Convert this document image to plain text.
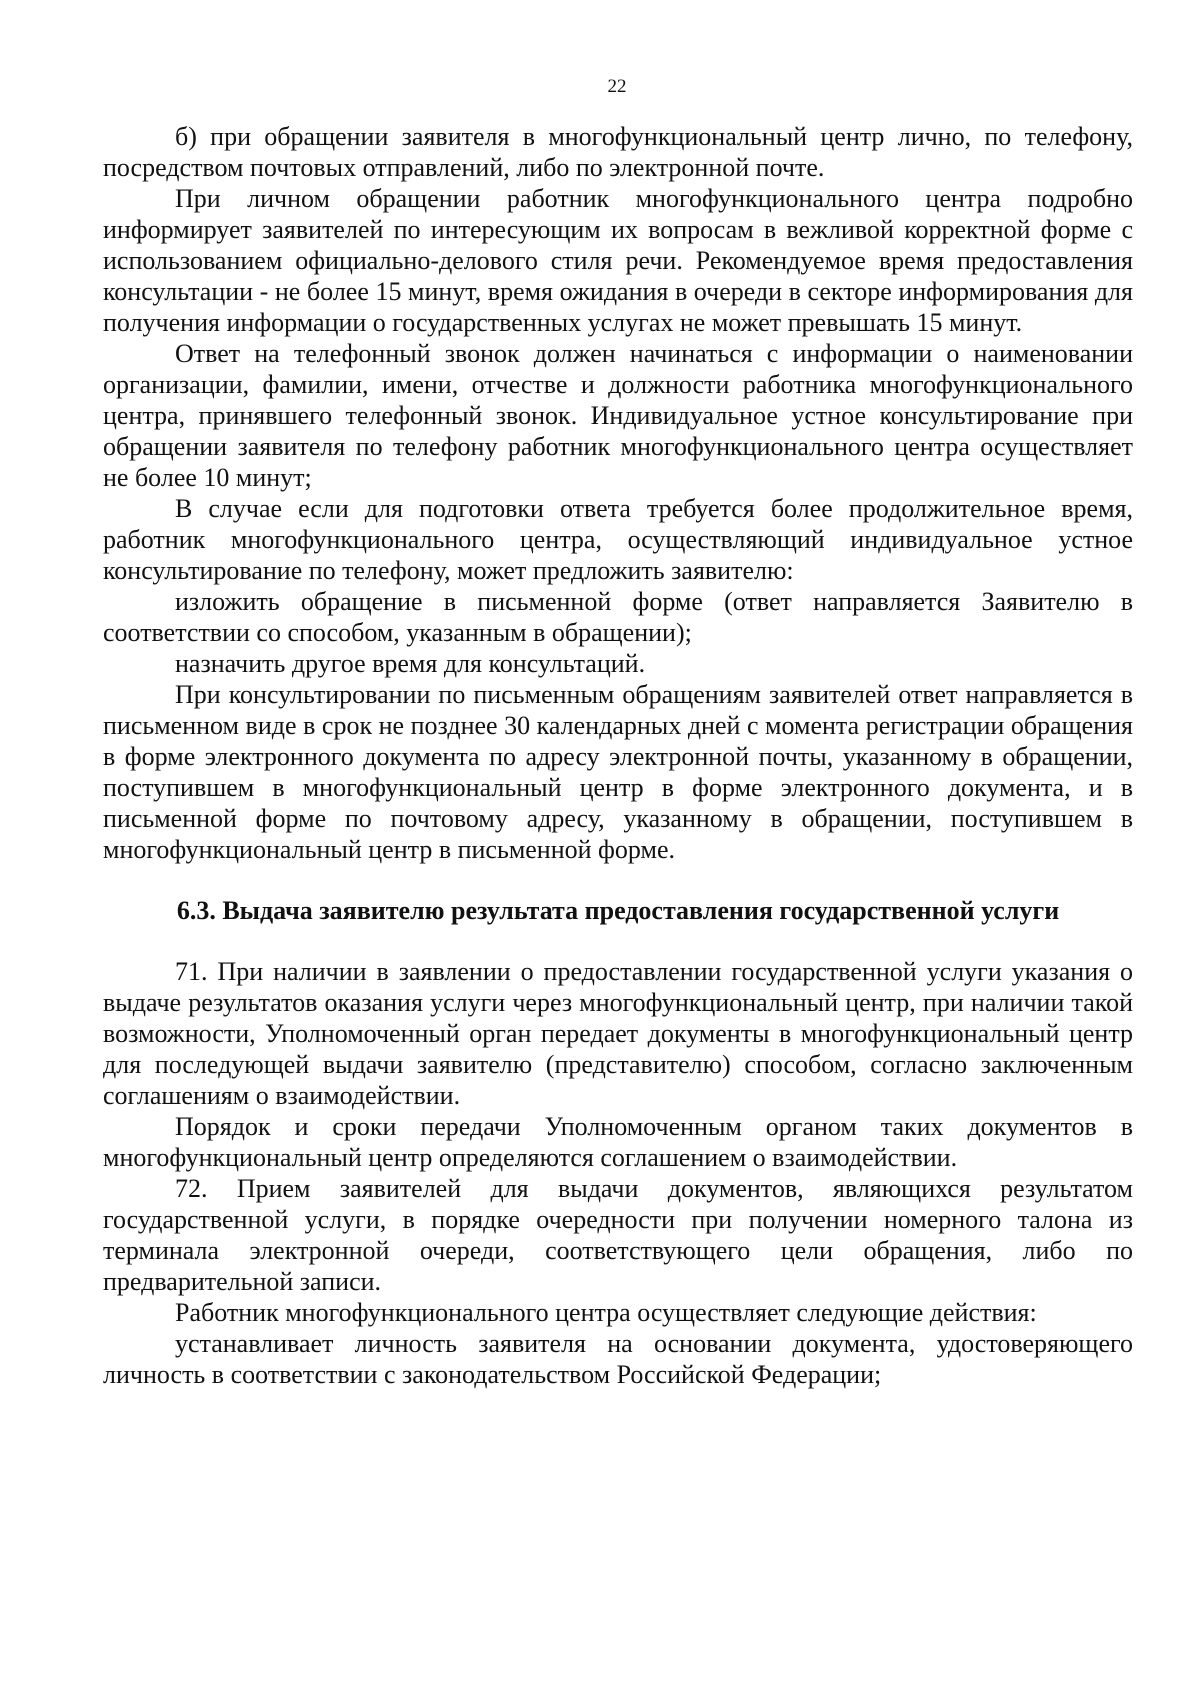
22

б) при обращении заявителя в многофункциональный центр лично, по телефону, посредством почтовых отправлений, либо по электронной почте.

При личном обращении работник многофункционального центра подробно информирует заявителей по интересующим их вопросам в вежливой корректной форме с использованием официально-делового стиля речи. Рекомендуемое время предоставления консультации - не более 15 минут, время ожидания в очереди в секторе информирования для получения информации о государственных услугах не может превышать 15 минут.

Ответ на телефонный звонок должен начинаться с информации о наименовании организации, фамилии, имени, отчестве и должности работника многофункционального центра, принявшего телефонный звонок. Индивидуальное устное консультирование при обращении заявителя по телефону работник многофункционального центра осуществляет не более 10 минут;

В случае если для подготовки ответа требуется более продолжительное время, работник многофункционального центра, осуществляющий индивидуальное устное консультирование по телефону, может предложить заявителю:

изложить обращение в письменной форме (ответ направляется Заявителю в соответствии со способом, указанным в обращении);

назначить другое время для консультаций.

При консультировании по письменным обращениям заявителей ответ направляется в письменном виде в срок не позднее 30 календарных дней с момента регистрации обращения в форме электронного документа по адресу электронной почты, указанному в обращении, поступившем в многофункциональный центр в форме электронного документа, и в письменной форме по почтовому адресу, указанному в обращении, поступившем в многофункциональный центр в письменной форме.

6.3. Выдача заявителю результата предоставления государственной услуги

71. При наличии в заявлении о предоставлении государственной услуги указания о выдаче результатов оказания услуги через многофункциональный центр, при наличии такой возможности, Уполномоченный орган передает документы в многофункциональный центр для последующей выдачи заявителю (представителю) способом, согласно заключенным соглашениям о взаимодействии.

Порядок и сроки передачи Уполномоченным органом таких документов в многофункциональный центр определяются соглашением о взаимодействии.

72. Прием заявителей для выдачи документов, являющихся результатом государственной услуги, в порядке очередности при получении номерного талона из терминала электронной очереди, соответствующего цели обращения, либо по предварительной записи.

Работник многофункционального центра осуществляет следующие действия:

устанавливает личность заявителя на основании документа, удостоверяющего личность в соответствии с законодательством Российской Федерации;
